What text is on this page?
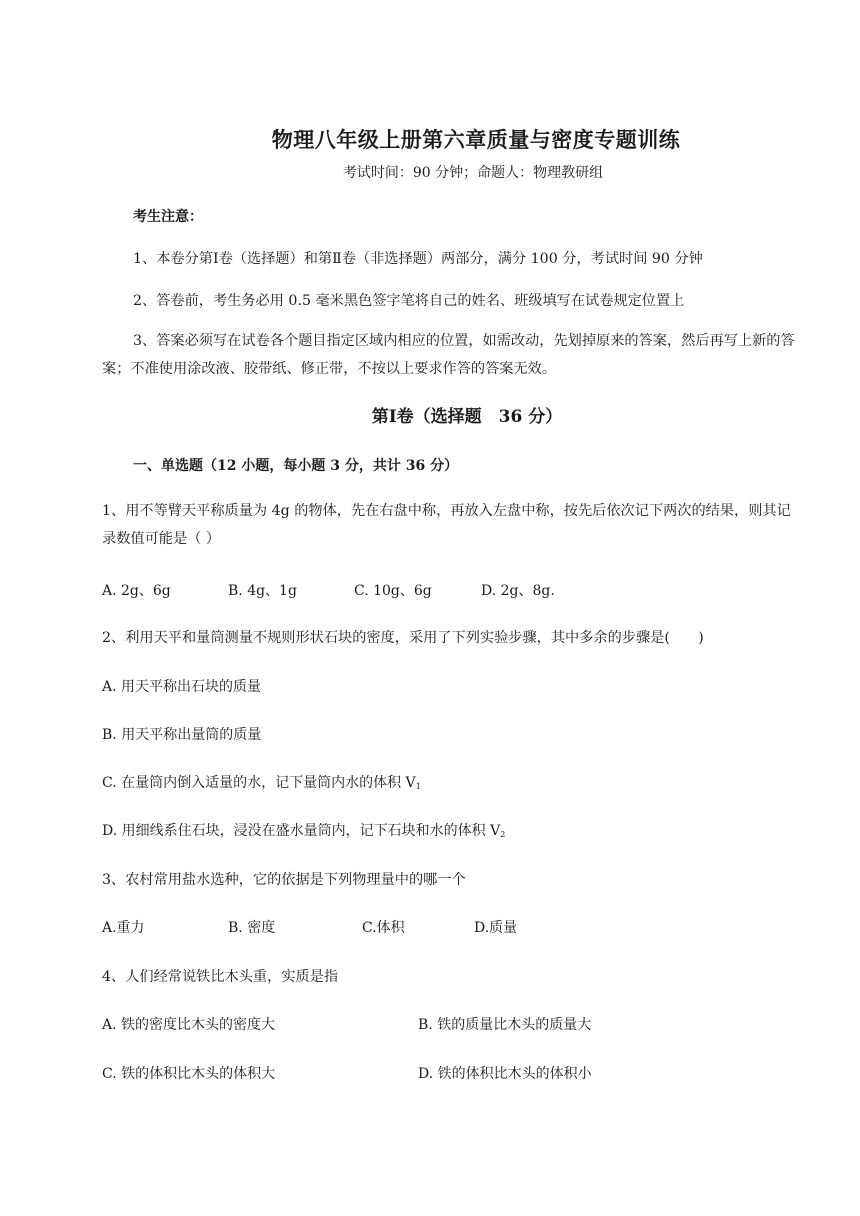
物理八年级上册第六章质量与密度专题训练
考试时间：90 分钟；命题人：物理教研组
考生注意：
1、本卷分第Ⅰ卷（选择题）和第Ⅱ卷（非选择题）两部分，满分 100 分，考试时间 90 分钟
2、答卷前，考生务必用 0.5 毫米黑色签字笔将自己的姓名、班级填写在试卷规定位置上
3、答案必须写在试卷各个题目指定区域内相应的位置，如需改动，先划掉原来的答案，然后再写上新的答案；不准使用涂改液、胶带纸、修正带，不按以上要求作答的答案无效。
第Ⅰ卷（选择题　36 分）
一、单选题（12 小题，每小题 3 分，共计 36 分）
1、用不等臂天平称质量为 4g 的物体，先在右盘中称，再放入左盘中称，按先后依次记下两次的结果，则其记录数值可能是（ ）
A. 2g、6g	B. 4g、1g	C. 10g、6g	D. 2g、8g.
2、利用天平和量筒测量不规则形状石块的密度，采用了下列实验步骤，其中多余的步骤是(　　)
A. 用天平称出石块的质量
B. 用天平称出量筒的质量
C. 在量筒内倒入适量的水，记下量筒内水的体积 $V_1$
D. 用细线系住石块，浸没在盛水量筒内，记下石块和水的体积 $V_2$
3、农村常用盐水选种，它的依据是下列物理量中的哪一个
A.重力	B. 密度	C.体积	D.质量
4、人们经常说铁比木头重，实质是指
A. 铁的密度比木头的密度大	B. 铁的质量比木头的质量大
C. 铁的体积比木头的体积大	D. 铁的体积比木头的体积小
